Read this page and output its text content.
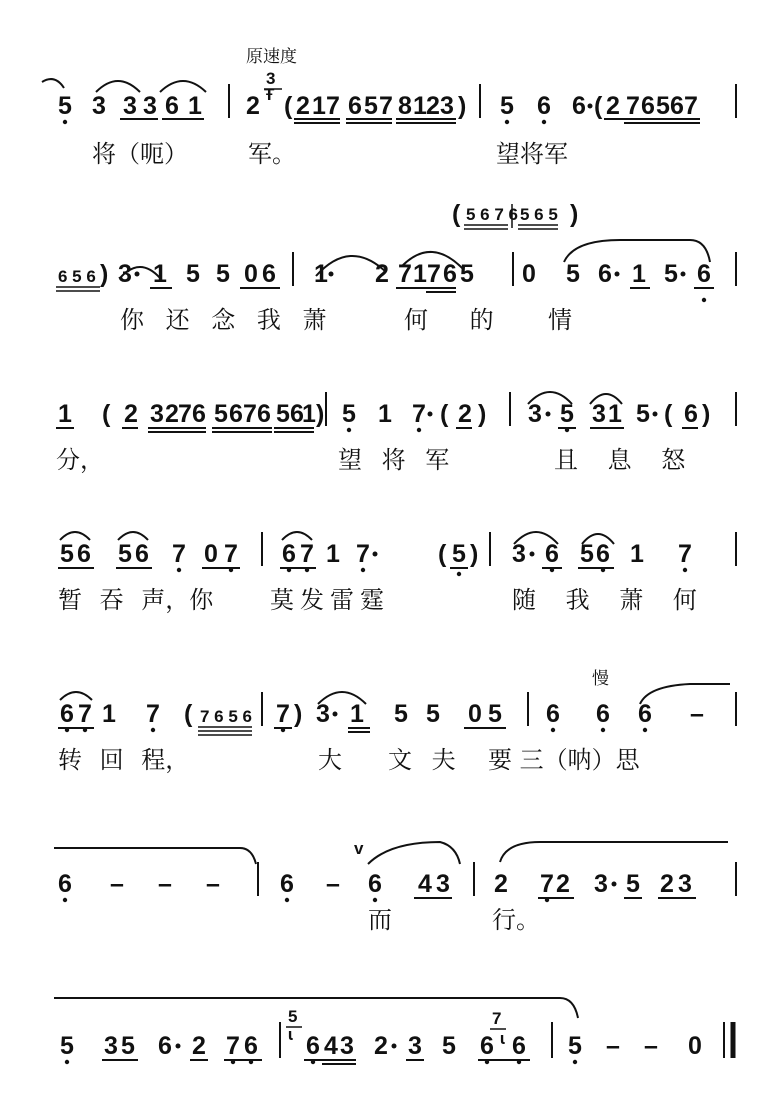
原速度
5 3 3 3 6 1 2
3
Ŧ ( 2 1 7 6 5 7 8 1 2 3 ) 5 6 6 ( 2 7 6 5 6 7
将（呃）	军。	望将军
( 5 6 7 6 5 6 5 )
6 5 6 ) 3 1 5 5 0 6 1 2 7 1 7 6 5 0 5 6 1 5 6
你 还 念 我 萧	何 的 情
1 ( 2 3 2 7 6 5 6 7 6 5 6
1 ) 5 1 7 ( 2 ) 3 5 3 1 5 ( 6 )
分，	望 将 军	且 息 怒
5 6 5 6 7 0 7 6 7 1 7	( 5 ) 3 6 5 6 1 7
暂 吞 声，你 莫发雷霆	随 我 萧 何
慢
6 7 1 7 ( 7 6 5 6 7 ) 3 1 5 5 0 5 6 6 6 –
转 回 程，	大 文 夫 要 三（呐）思
v
6 – – – 6 – 6 4 3 2 7 2 3 5 2 3
而	行。
5 3 5 6 2 7 6
5
ɩ 6 4 3 2 3 5
7
6 ɩ 6 5 – – 0
